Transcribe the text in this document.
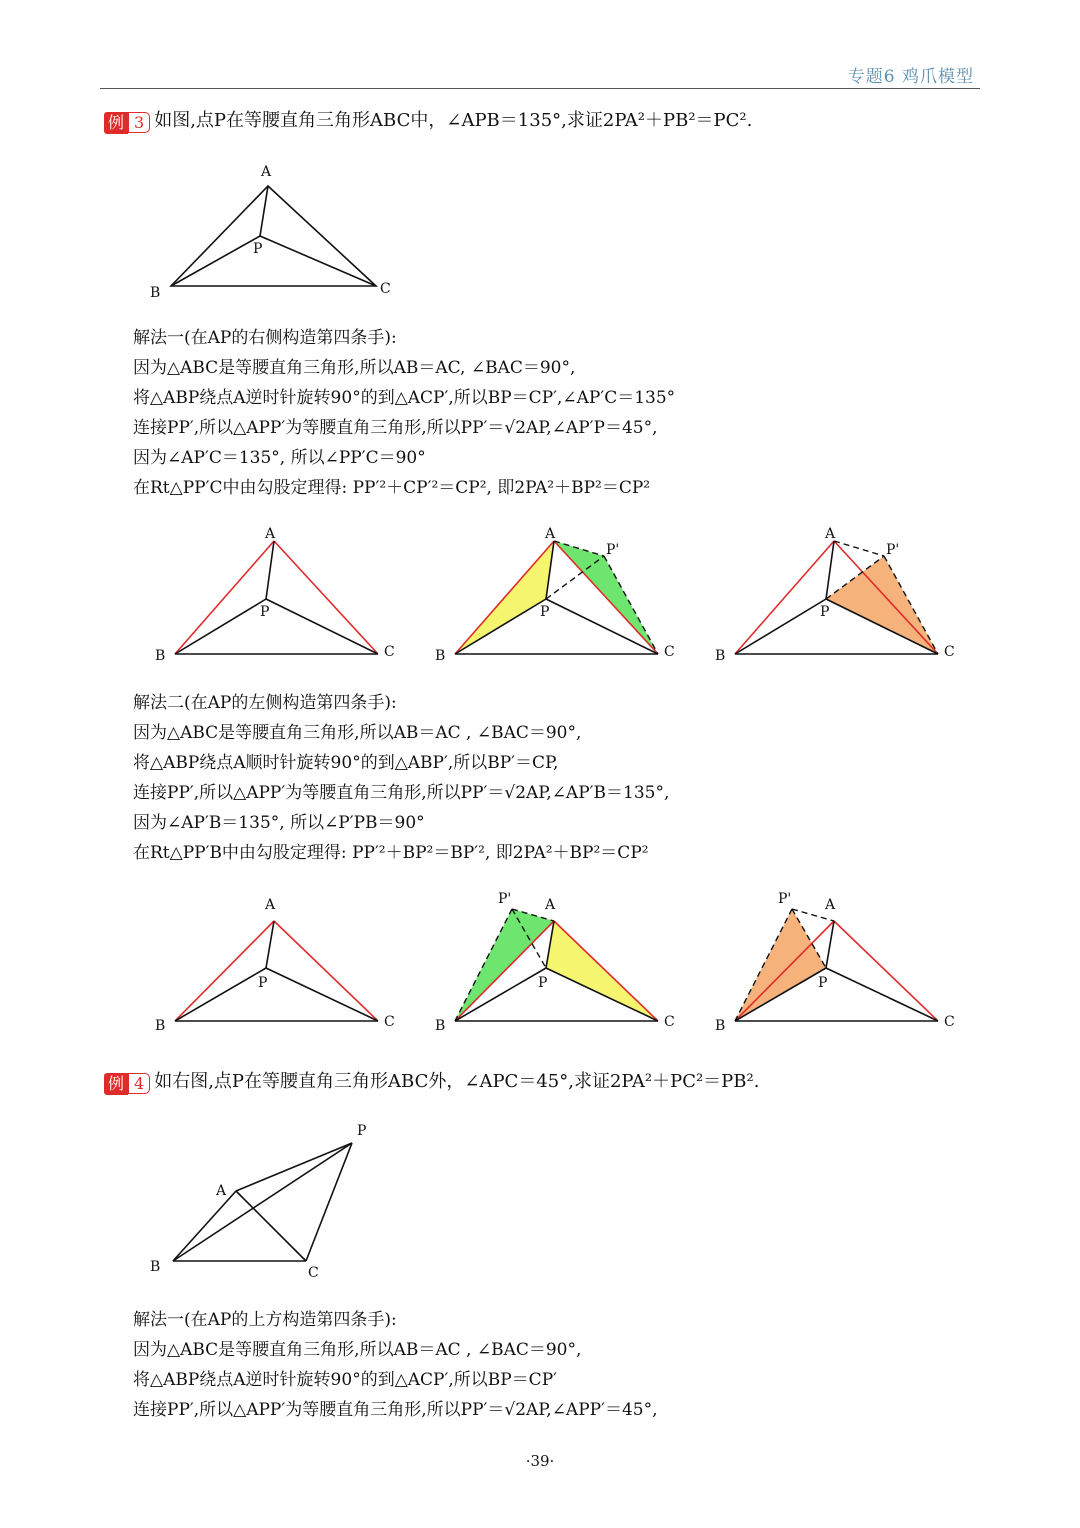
专题6 鸡爪模型
例 3 如图,点P在等腰直角三角形ABC中，∠APB＝135°,求证2PA²＋PB²＝PC².
A
P
B	C
解法一(在AP的右侧构造第四条手):
因为△ABC是等腰直角三角形,所以AB＝AC, ∠BAC＝90°,
将△ABP绕点A逆时针旋转90°的到△ACP′,所以BP＝CP′,∠AP′C＝135°
连接PP′,所以△APP′为等腰直角三角形,所以PP′＝√2AP,∠AP′P＝45°,
因为∠AP′C＝135°, 所以∠PP′C＝90°
在Rt△PP′C中由勾股定理得: PP′²＋CP′²＝CP², 即2PA²＋BP²＝CP²
A
P
B	C
A
P'
P
B	C
A
P'
P
B	C
解法二(在AP的左侧构造第四条手):
因为△ABC是等腰直角三角形,所以AB＝AC , ∠BAC＝90°,
将△ABP绕点A顺时针旋转90°的到△ABP′,所以BP′＝CP,
连接PP′,所以△APP′为等腰直角三角形,所以PP′＝√2AP,∠AP′B＝135°,
因为∠AP′B＝135°, 所以∠P′PB＝90°
在Rt△PP′B中由勾股定理得: PP′²＋BP²＝BP′², 即2PA²＋BP²＝CP²
A
P
B	C
P' A
P
B	C
P' A
P
B	C
例 4 如右图,点P在等腰直角三角形ABC外，∠APC＝45°,求证2PA²＋PC²＝PB².
P
A
B	C
解法一(在AP的上方构造第四条手):
因为△ABC是等腰直角三角形,所以AB＝AC , ∠BAC＝90°,
将△ABP绕点A逆时针旋转90°的到△ACP′,所以BP＝CP′
连接PP′,所以△APP′为等腰直角三角形,所以PP′＝√2AP,∠APP′＝45°,
·39·
